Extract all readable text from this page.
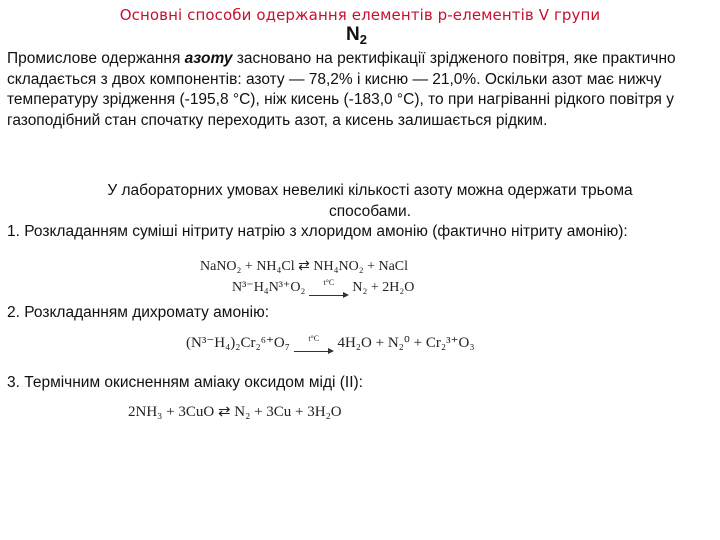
Основні способи одержання елементів p-елементів V групи
$N_2$
Промислове одержання азоту засновано на ректифікації зрідженого повітря, яке практично складається з двох компонентів: азоту — 78,2% і кисню — 21,0%. Оскільки азот має нижчу температуру зрідження (-195,8 °С), ніж кисень (-183,0 °С), то при нагріванні рідкого повітря у газоподібний стан спочатку переходить азот, а кисень залишається рідким.
У лабораторних умовах невеликі кількості азоту можна одержати трьома
способами.
1. Розкладанням суміші нітриту натрію з хлоридом амонію (фактично нітриту амонію):
NaNO₂ + NH₄Cl ⇄ NH₄NO₂ + NaCl
N³⁻H₄N³⁺O₂ t°C N₂ + 2H₂O
2. Розкладанням дихромату амонію:
(N³⁻H₄)₂Cr₂⁶⁺O₇ t°C 4H₂O + N₂⁰ + Cr₂³⁺O₃
3. Термічним окисненням аміаку оксидом міді (II):
2NH₃ + 3CuO ⇄ N₂ + 3Cu + 3H₂O
